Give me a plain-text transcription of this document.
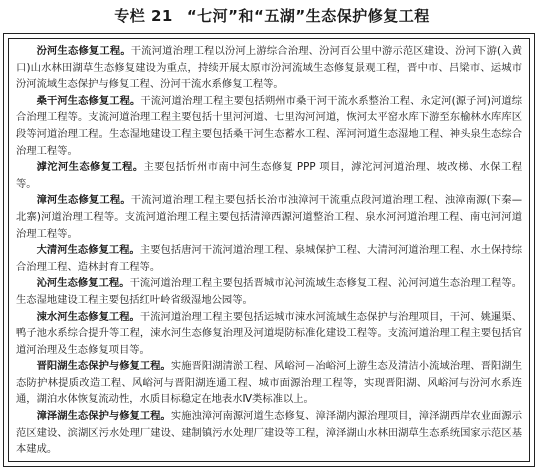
专栏 21 “七河”和“五湖”生态保护修复工程

汾河生态修复工程。干流河道治理工程以汾河上游综合治理、汾河百公里中游示范区建设、汾河下游(入黄口)山水林田湖草生态修复建设为重点，持续开展太原市汾河流域生态修复景观工程，晋中市、吕梁市、运城市汾河流域生态保护与修复工程、汾河干流水系修复工程等。

桑干河生态修复工程。干流河道治理工程主要包括朔州市桑干河干流水系整治工程、永定河(源子河)河道综合治理工程等。支流河道治理工程主要包括十里河河道、七里沟河河道，恢河太平窑水库下游至东榆林水库库区段等河道治理工程。生态湿地建设工程主要包括桑干河生态蓄水工程、浑河河道生态湿地工程、神头泉生态综合治理工程等。

滹沱河生态修复工程。主要包括忻州市南中河生态修复 PPP 项目，滹沱河河道治理、坡改梯、水保工程等。

漳河生态修复工程。干流河道治理工程主要包括长治市浊漳河干流重点段河道治理工程、浊漳南源(下秦—北寨)河道治理工程等。支流河道治理工程主要包括清漳西源河道整治工程、泉水河河道治理工程、南屯河河道治理工程等。

大清河生态修复工程。主要包括唐河干流河道治理工程、泉城保护工程、大清河河道治理工程、水土保持综合治理工程、造林封育工程等。

沁河生态修复工程。干流河道治理工程主要包括晋城市沁河流域生态修复工程、沁河河道生态治理工程等。生态湿地建设工程主要包括红叶岭省级湿地公园等。

涑水河生态修复工程。干流河道治理工程主要包括运城市涑水河流域生态保护与治理项目，干河、姚暹渠、鸭子池水系综合提升等工程，涑水河生态修复治理及河道堤防标准化建设工程等。支流河道治理工程主要包括官道河治理及生态修复项目等。

晋阳湖生态保护与修复工程。实施晋阳湖清淤工程、风峪河－冶峪河上游生态及清洁小流域治理、晋阳湖生态防护林提质改造工程、风峪河与晋阳湖连通工程、城市面源治理工程等，实现晋阳湖、风峪河与汾河水系连通，湖泊水体恢复流动性，水质目标稳定在地表水Ⅳ类标准以上。

漳泽湖生态保护与修复工程。实施浊漳河南源河道生态修复、漳泽湖内源治理项目，漳泽湖西岸农业面源示范区建设、滨湖区污水处理厂建设、建制镇污水处理厂建设等工程，漳泽湖山水林田湖草生态系统国家示范区基本建成。
